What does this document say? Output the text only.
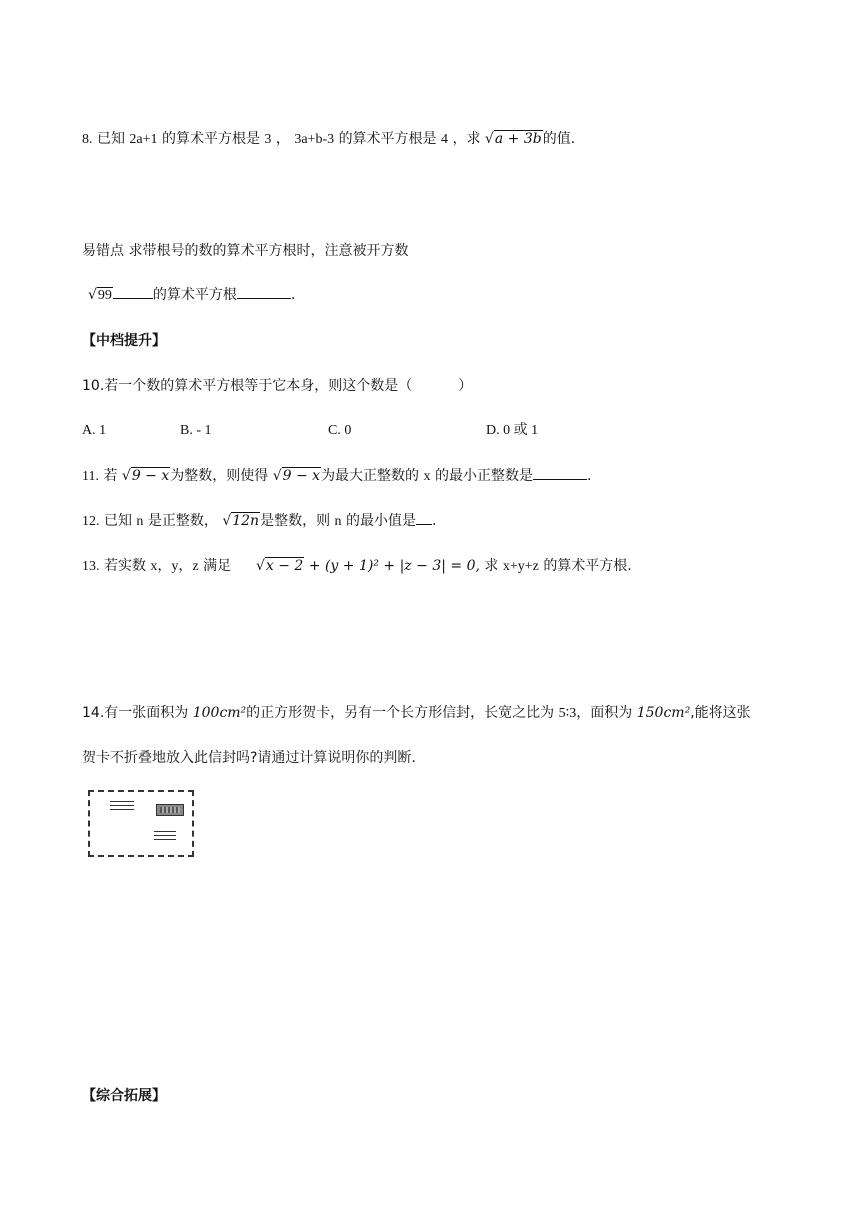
8. 已知 2a+1 的算术平方根是 3 ， 3a+b-3 的算术平方根是 4 ，求 √a + 3b的值.
易错点 求带根号的数的算术平方根时，注意被开方数
√99	的算术平方根	.
【中档提升】
10.若一个数的算术平方根等于它本身，则这个数是（	）
A. 1	B. - 1	C. 0	D. 0 或 1
11. 若 √9 − x为整数，则使得 √9 − x为最大正整数的 x 的最小正整数是	.
12. 已知 n 是正整数， √12n是整数，则 n 的最小值是 .
13. 若实数 x，y，z 满足 √x − 2 + (y + 1)² + |z − 3| = 0, 求 x+y+z 的算术平方根.
14.有一张面积为 100cm²的正方形贺卡，另有一个长方形信封，长宽之比为 5∶3，面积为 150cm²,能将这张
贺卡不折叠地放入此信封吗?请通过计算说明你的判断.
【综合拓展】
